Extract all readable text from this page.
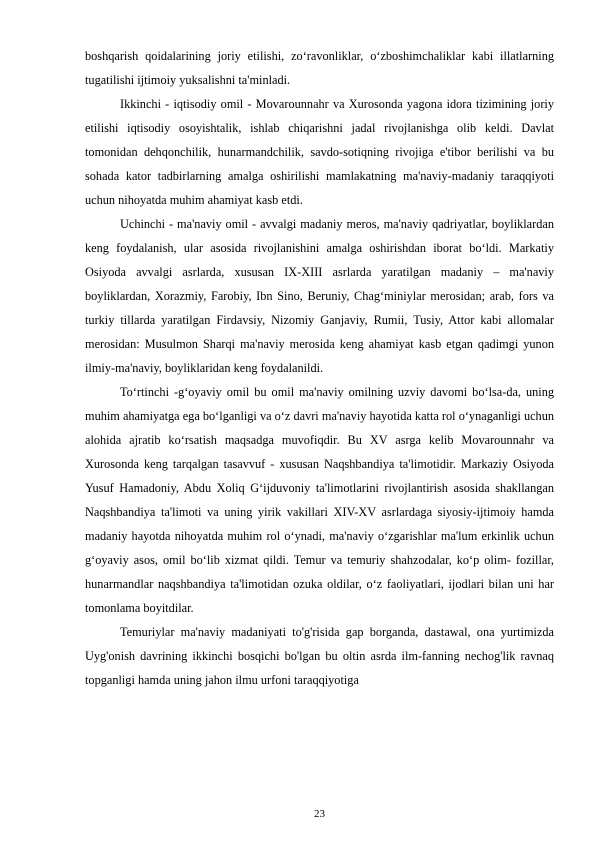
boshqarish qoidalarining joriy etilishi, zo‘ravonliklar, o‘zboshimchaliklar kabi illatlarning tugatilishi ijtimoiy yuksalishni ta'minladi.

Ikkinchi - iqtisodiy omil - Movarounnahr va Xurosonda yagona idora tizimining joriy etilishi iqtisodiy osoyishtalik, ishlab chiqarishni jadal rivojlanishga olib keldi. Davlat tomonidan dehqonchilik, hunarmandchilik, savdo-sotiqning rivojiga e'tibor berilishi va bu sohada kator tadbirlarning amalga oshirilishi mamlakatning ma'naviy-madaniy taraqqiyoti uchun nihoyatda muhim ahamiyat kasb etdi.

Uchinchi - ma'naviy omil - avvalgi madaniy meros, ma'naviy qadriyatlar, boyliklardan keng foydalanish, ular asosida rivojlanishini amalga oshirishdan iborat bo‘ldi. Markatiy Osiyoda avvalgi asrlarda, xususan IX-XIII asrlarda yaratilgan madaniy – ma'naviy boyliklardan, Xorazmiy, Farobiy, Ibn Sino, Beruniy, Chag‘miniylar merosidan; arab, fors va turkiy tillarda yaratilgan Firdavsiy, Nizomiy Ganjaviy, Rumii, Tusiy, Attor kabi allomalar merosidan: Musulmon Sharqi ma'naviy merosida keng ahamiyat kasb etgan qadimgi yunon ilmiy-ma'naviy, boyliklaridan keng foydalanildi.

To‘rtinchi -g‘oyaviy omil bu omil ma'naviy omilning uzviy davomi bo‘lsa-da, uning muhim ahamiyatga ega bo‘lganligi va o‘z davri ma'naviy hayotida katta rol o‘ynaganligi uchun alohida ajratib ko‘rsatish maqsadga muvofiqdir. Bu XV asrga kelib Movarounnahr va Xurosonda keng tarqalgan tasavvuf - xususan Naqshbandiya ta'limotidir. Markaziy Osiyoda Yusuf Hamadoniy, Abdu Xoliq G‘ijduvoniy ta'limotlarini rivojlantirish asosida shakllangan Naqshbandiya ta'limoti va uning yirik vakillari XIV-XV asrlardaga siyosiy-ijtimoiy hamda madaniy hayotda nihoyatda muhim rol o‘ynadi, ma'naviy o‘zgarishlar ma'lum erkinlik uchun g‘oyaviy asos, omil bo‘lib xizmat qildi. Temur va temuriy shahzodalar, ko‘p olim- fozillar, hunarmandlar naqshbandiya ta'limotidan ozuka oldilar, o‘z faoliyatlari, ijodlari bilan uni har tomonlama boyitdilar.

Temuriylar ma'naviy madaniyati to'g'risida gap borganda, dastawal, ona yurtimizda Uyg'onish davrining ikkinchi bosqichi bo'lgan bu oltin asrda ilm-fanning nechog'lik ravnaq topganligi hamda uning jahon ilmu urfoni taraqqiyotiga

23
